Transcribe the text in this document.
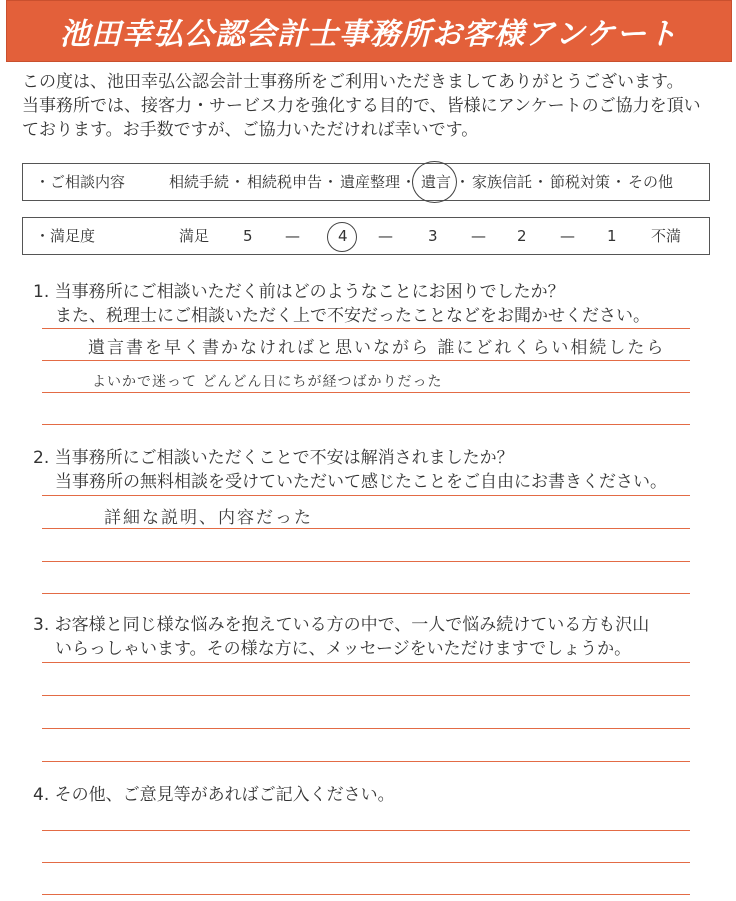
池田幸弘公認会計士事務所お客様アンケート
この度は、池田幸弘公認会計士事務所をご利用いただきましてありがとうございます。
当事務所では、接客力・サービス力を強化する目的で、皆様にアンケートのご協力を頂い
ております。お手数ですが、ご協力いただければ幸いです。
・ご相談内容	相続手続 ・ 相続税申告 ・ 遺産整理 ・ 遺言 ・ 家族信託 ・ 節税対策 ・ その他
・満足度	満足 5 —	4 — 3 — 2 — 1 不満
1. 当事務所にご相談いただく前はどのようなことにお困りでしたか？
また、税理士にご相談いただく上で不安だったことなどをお聞かせください。
遺言書を早く書かなければと思いながら 誰にどれくらい相続したら
よいかで迷って どんどん日にちが経つばかりだった
2. 当事務所にご相談いただくことで不安は解消されましたか？
当事務所の無料相談を受けていただいて感じたことをご自由にお書きください。
詳細な説明、内容だった
3. お客様と同じ様な悩みを抱えている方の中で、一人で悩み続けている方も沢山
いらっしゃいます。その様な方に、メッセージをいただけますでしょうか。
4. その他、ご意見等があればご記入ください。
